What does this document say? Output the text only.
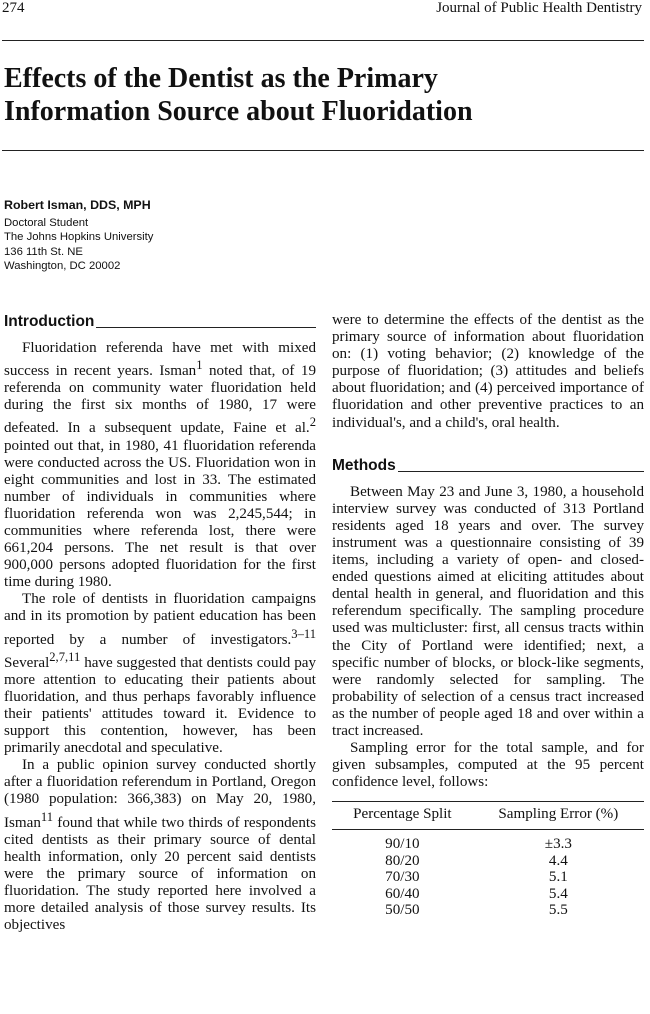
274	Journal of Public Health Dentistry
Effects of the Dentist as the Primary
Information Source about Fluoridation
Robert Isman, DDS, MPH
Doctoral Student
The Johns Hopkins University
136 11th St. NE
Washington, DC 20002
Introduction

Fluoridation referenda have met with mixed success in recent years. Isman$^1$ noted that, of 19 referenda on community water fluoridation held during the first six months of 1980, 17 were defeated. In a subsequent update, Faine et al.$^2$ pointed out that, in 1980, 41 fluoridation referenda were conducted across the US. Fluoridation won in eight communities and lost in 33. The estimated number of individuals in communities where fluoridation referenda won was 2,245,544; in communities where referenda lost, there were 661,204 persons. The net result is that over 900,000 persons adopted fluoridation for the first time during 1980.

The role of dentists in fluoridation campaigns and in its promotion by patient education has been reported by a number of investigators.$^{3-11}$ Several$^{2,7,11}$ have suggested that dentists could pay more attention to educating their patients about fluoridation, and thus perhaps favorably influence their patients' attitudes toward it. Evidence to support this contention, however, has been primarily anecdotal and speculative.

In a public opinion survey conducted shortly after a fluoridation referendum in Portland, Oregon (1980 population: 366,383) on May 20, 1980, Isman$^{11}$ found that while two thirds of respondents cited dentists as their primary source of dental health information, only 20 percent said dentists were the primary source of information on fluoridation. The study reported here involved a more detailed analysis of those survey results. Its objectives

were to determine the effects of the dentist as the primary source of information about fluoridation on: (1) voting behavior; (2) knowledge of the purpose of fluoridation; (3) attitudes and beliefs about fluoridation; and (4) perceived importance of fluoridation and other preventive practices to an individual's, and a child's, oral health.

Methods

Between May 23 and June 3, 1980, a household interview survey was conducted of 313 Portland residents aged 18 years and over. The survey instrument was a questionnaire consisting of 39 items, including a variety of open- and closed-ended questions aimed at eliciting attitudes about dental health in general, and fluoridation and this referendum specifically. The sampling procedure used was multicluster: first, all census tracts within the City of Portland were identified; next, a specific number of blocks, or block-like segments, were randomly selected for sampling. The probability of selection of a census tract increased as the number of people aged 18 and over within a tract increased.

Sampling error for the total sample, and for given subsamples, computed at the 95 percent confidence level, follows:

Percentage Split	Sampling Error (%)
90/10	±3.3
80/20	4.4
70/30	5.1
60/40	5.4
50/50	5.5
